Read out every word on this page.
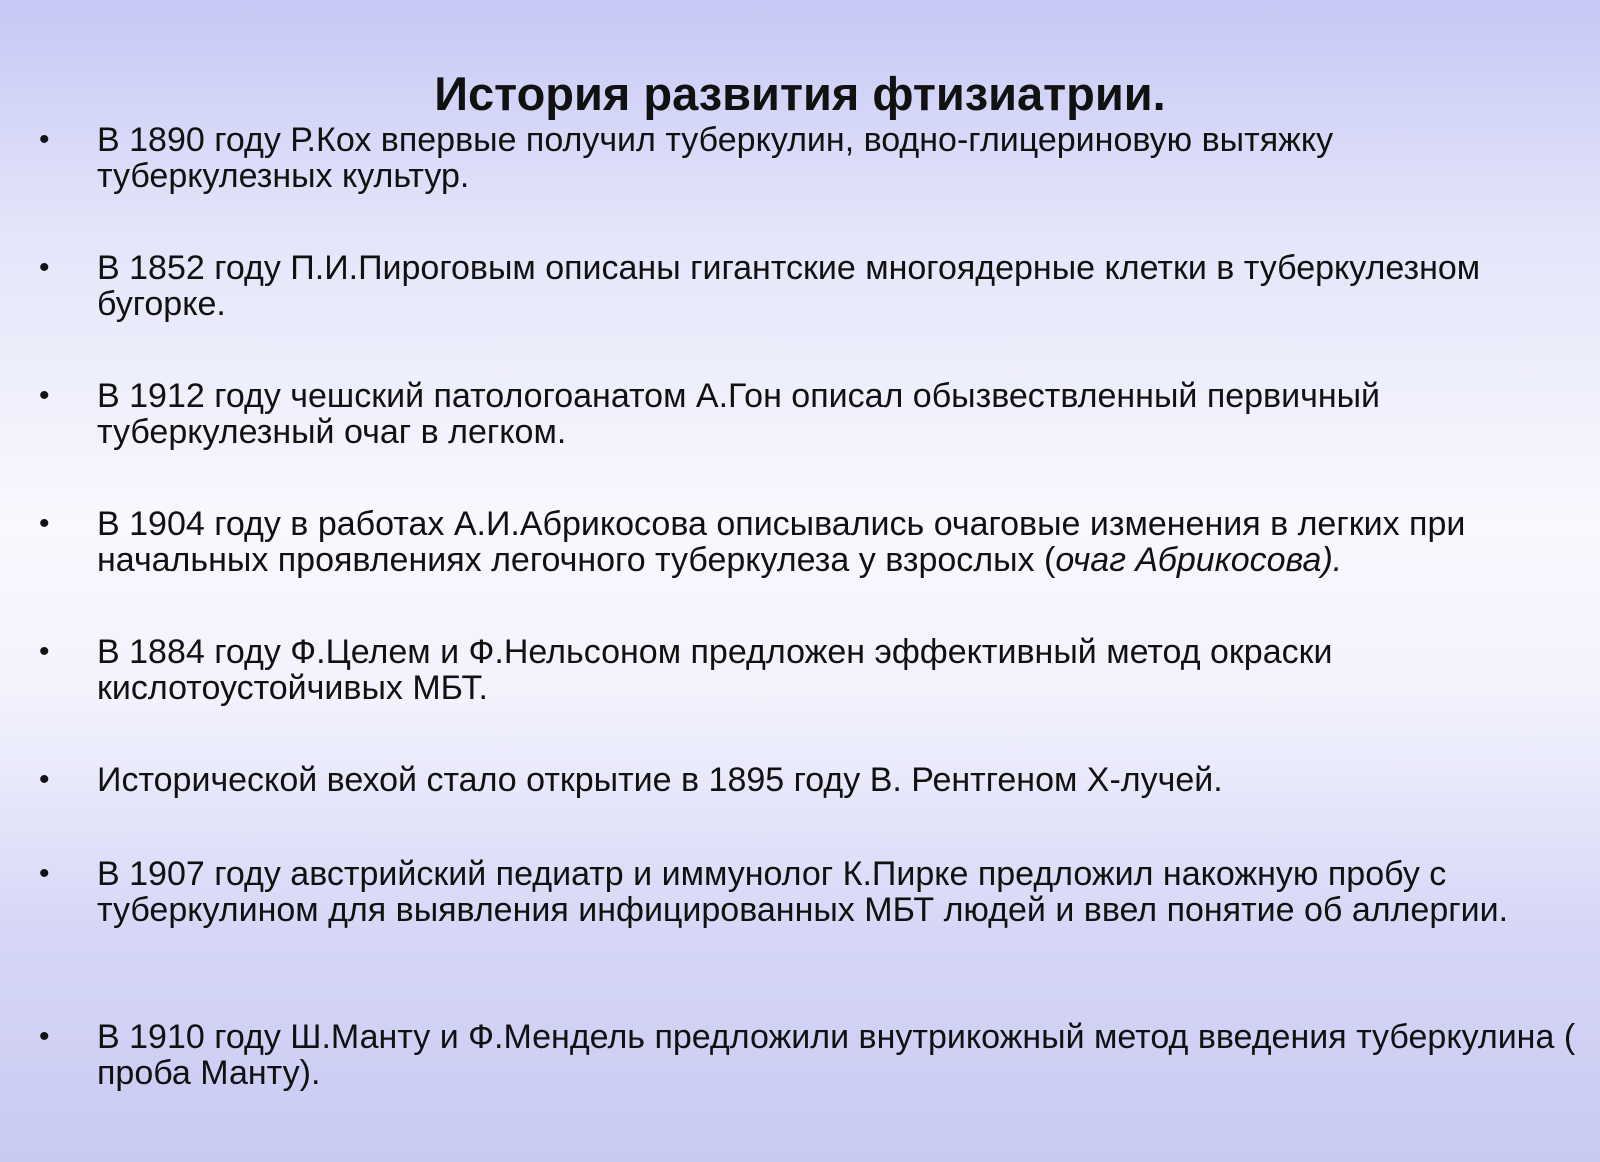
История развития фтизиатрии.
• В 1890 году Р.Кох впервые получил туберкулин, водно-глицериновую вытяжку туберкулезных культур.
• В 1852 году П.И.Пироговым описаны гигантские многоядерные клетки в туберкулезном бугорке.
• В 1912 году чешский патологоанатом А.Гон описал обызвествленный первичный туберкулезный очаг в легком.
• В 1904 году в работах А.И.Абрикосова описывались очаговые изменения в легких при начальных проявлениях легочного туберкулеза у взрослых (очаг Абрикосова).
• В 1884 году Ф.Целем и Ф.Нельсоном предложен эффективный метод окраски кислотоустойчивых МБТ.
• Исторической вехой стало открытие в 1895 году В. Рентгеном Х-лучей.
• В 1907 году австрийский педиатр и иммунолог К.Пирке предложил накожную пробу с туберкулином для выявления инфицированных МБТ людей и ввел понятие об аллергии.
• В 1910 году Ш.Манту и Ф.Мендель предложили внутрикожный метод введения туберкулина ( проба Манту).
